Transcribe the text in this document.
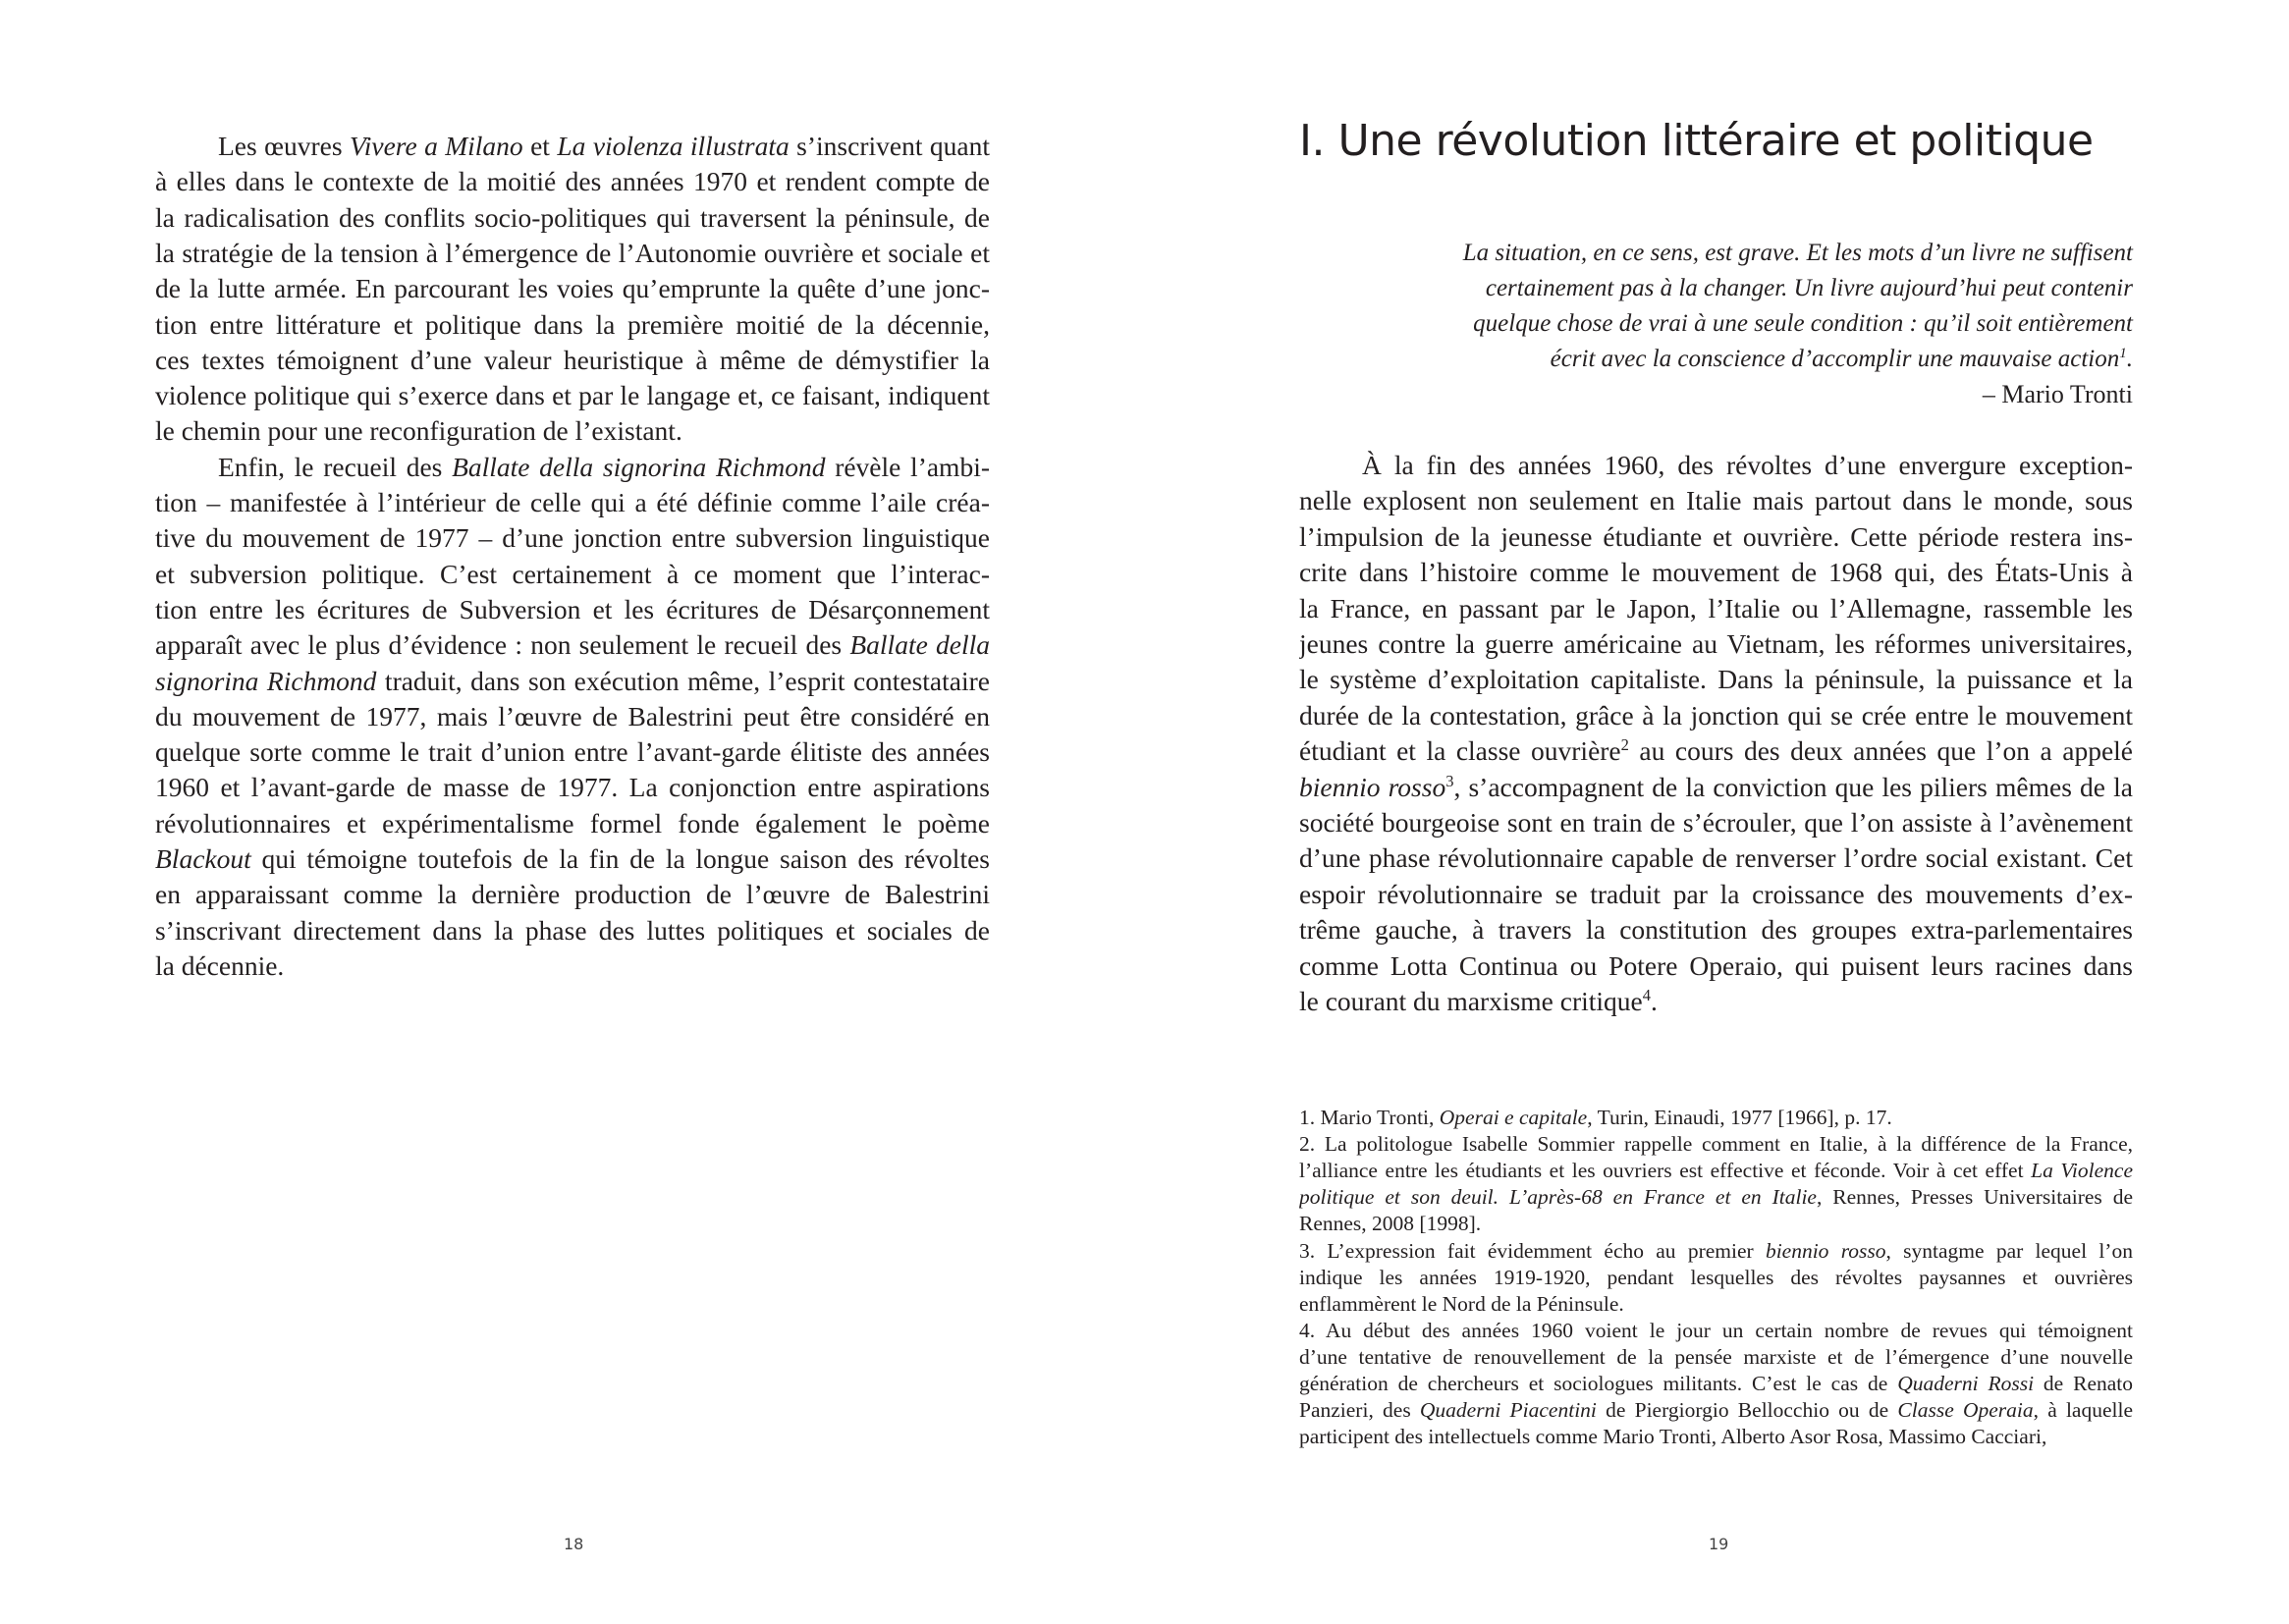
Les œuvres Vivere a Milano et La violenza illustrata s’inscrivent quant
à elles dans le contexte de la moitié des années 1970 et rendent compte de
la radicalisation des conflits socio-politiques qui traversent la péninsule, de
la stratégie de la tension à l’émergence de l’Autonomie ouvrière et sociale et
de la lutte armée. En parcourant les voies qu’emprunte la quête d’une jonc-
tion entre littérature et politique dans la première moitié de la décennie,
ces textes témoignent d’une valeur heuristique à même de démystifier la
violence politique qui s’exerce dans et par le langage et, ce faisant, indiquent
le chemin pour une reconfiguration de l’existant.
Enfin, le recueil des Ballate della signorina Richmond révèle l’ambi-
tion – manifestée à l’intérieur de celle qui a été définie comme l’aile créa-
tive du mouvement de 1977 – d’une jonction entre subversion linguistique
et subversion politique. C’est certainement à ce moment que l’interac-
tion entre les écritures de Subversion et les écritures de Désarçonnement
apparaît avec le plus d’évidence : non seulement le recueil des Ballate della
signorina Richmond traduit, dans son exécution même, l’esprit contestataire
du mouvement de 1977, mais l’œuvre de Balestrini peut être considéré en
quelque sorte comme le trait d’union entre l’avant-garde élitiste des années
1960 et l’avant-garde de masse de 1977. La conjonction entre aspirations
révolutionnaires et expérimentalisme formel fonde également le poème
Blackout qui témoigne toutefois de la fin de la longue saison des révoltes
en apparaissant comme la dernière production de l’œuvre de Balestrini
s’inscrivant directement dans la phase des luttes politiques et sociales de
la décennie.
18
I. Une révolution littéraire et politique
La situation, en ce sens, est grave. Et les mots d’un livre ne suffisent
certainement pas à la changer. Un livre aujourd’hui peut contenir
quelque chose de vrai à une seule condition : qu’il soit entièrement
écrit avec la conscience d’accomplir une mauvaise action$^1$.
– Mario Tronti
À la fin des années 1960, des révoltes d’une envergure exception-
nelle explosent non seulement en Italie mais partout dans le monde, sous
l’impulsion de la jeunesse étudiante et ouvrière. Cette période restera ins-
crite dans l’histoire comme le mouvement de 1968 qui, des États-Unis à
la France, en passant par le Japon, l’Italie ou l’Allemagne, rassemble les
jeunes contre la guerre américaine au Vietnam, les réformes universitaires,
le système d’exploitation capitaliste. Dans la péninsule, la puissance et la
durée de la contestation, grâce à la jonction qui se crée entre le mouvement
étudiant et la classe ouvrière$^2$ au cours des deux années que l’on a appelé
biennio rosso$^3$, s’accompagnent de la conviction que les piliers mêmes de la
société bourgeoise sont en train de s’écrouler, que l’on assiste à l’avènement
d’une phase révolutionnaire capable de renverser l’ordre social existant. Cet
espoir révolutionnaire se traduit par la croissance des mouvements d’ex-
trême gauche, à travers la constitution des groupes extra-parlementaires
comme Lotta Continua ou Potere Operaio, qui puisent leurs racines dans
le courant du marxisme critique$^4$.
1. Mario Tronti, Operai e capitale, Turin, Einaudi, 1977 [1966], p. 17.
2. La politologue Isabelle Sommier rappelle comment en Italie, à la différence de la France,
l’alliance entre les étudiants et les ouvriers est effective et féconde. Voir à cet effet La Violence
politique et son deuil. L’après-68 en France et en Italie, Rennes, Presses Universitaires de
Rennes, 2008 [1998].
3. L’expression fait évidemment écho au premier biennio rosso, syntagme par lequel l’on
indique les années 1919-1920, pendant lesquelles des révoltes paysannes et ouvrières
enflammèrent le Nord de la Péninsule.
4. Au début des années 1960 voient le jour un certain nombre de revues qui témoignent
d’une tentative de renouvellement de la pensée marxiste et de l’émergence d’une nouvelle
génération de chercheurs et sociologues militants. C’est le cas de Quaderni Rossi de Renato
Panzieri, des Quaderni Piacentini de Piergiorgio Bellocchio ou de Classe Operaia, à laquelle
participent des intellectuels comme Mario Tronti, Alberto Asor Rosa, Massimo Cacciari,
19
